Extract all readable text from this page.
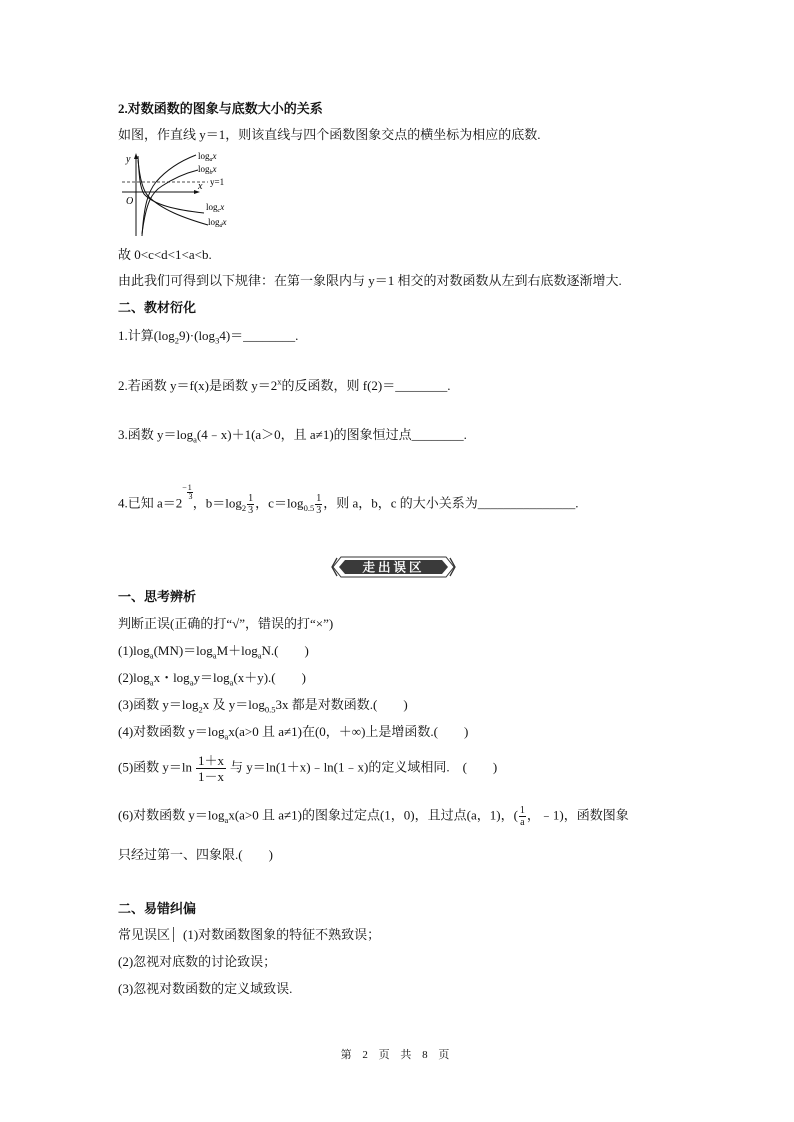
2.对数函数的图象与底数大小的关系
如图，作直线 y＝1，则该直线与四个函数图象交点的横坐标为相应的底数.
y
x
O
y=1
$\log_ax$
$\log_bx$
$\log_cx$
$\log_dx$
故 0<c<d<1<a<b.
由此我们可得到以下规律：在第一象限内与 y＝1 相交的对数函数从左到右底数逐渐增大.
二、教材衍化
1.计算$(\log_29)\cdot(\log_34)=\_\_\_\_\_\_\_\_$.
2.若函数 y＝f(x)是函数 $y=2^x$的反函数，则 f(2)＝________.
3.函数 $y=\log_a(4﹣x)+1(a>0$，且 a≠1)的图象恒过点________.
4.已知 a＝2−1
3 ，$b=\log_2 \frac{1}{3}$ ，$c=\log_{0.5} \frac{1}{3}$ ，则 a，b，c 的大小关系为_______________.
走出误区
一、思考辨析
判断正误(正确的打“√”，错误的打“×”)
$(1)\log_a(MN)=\log_aM+\log_aN$.(　　)
$(2)\log_ax$・$\log_ay=\log_a(x+y)$.(　　)
(3)函数 $y=\log_2x$ 及 $y=\log_{0.5}3x$ 都是对数函数.(　　)
(4)对数函数 $y=\log_ax(a>0$ 且 a≠1)在(0，＋∞)上是增函数.(　　)
(5)函数 $y=\ln \frac{1+x}{1-x}$ 与 y＝ln(1＋x)﹣ln(1﹣x)的定义域相同.　(　　)
(6)对数函数 $y=\log_ax(a>0$ 且 a≠1)的图象过定点(1，0)，且过点(a，1)，( $\frac{1}{a}$ ，﹣1)，函数图象
只经过第一、四象限.(　　)
二、易错纠偏
常见误区 (1)对数函数图象的特征不熟致误；
(2)忽视对底数的讨论致误；
(3)忽视对数函数的定义域致误.
第 2 页 共 8 页
